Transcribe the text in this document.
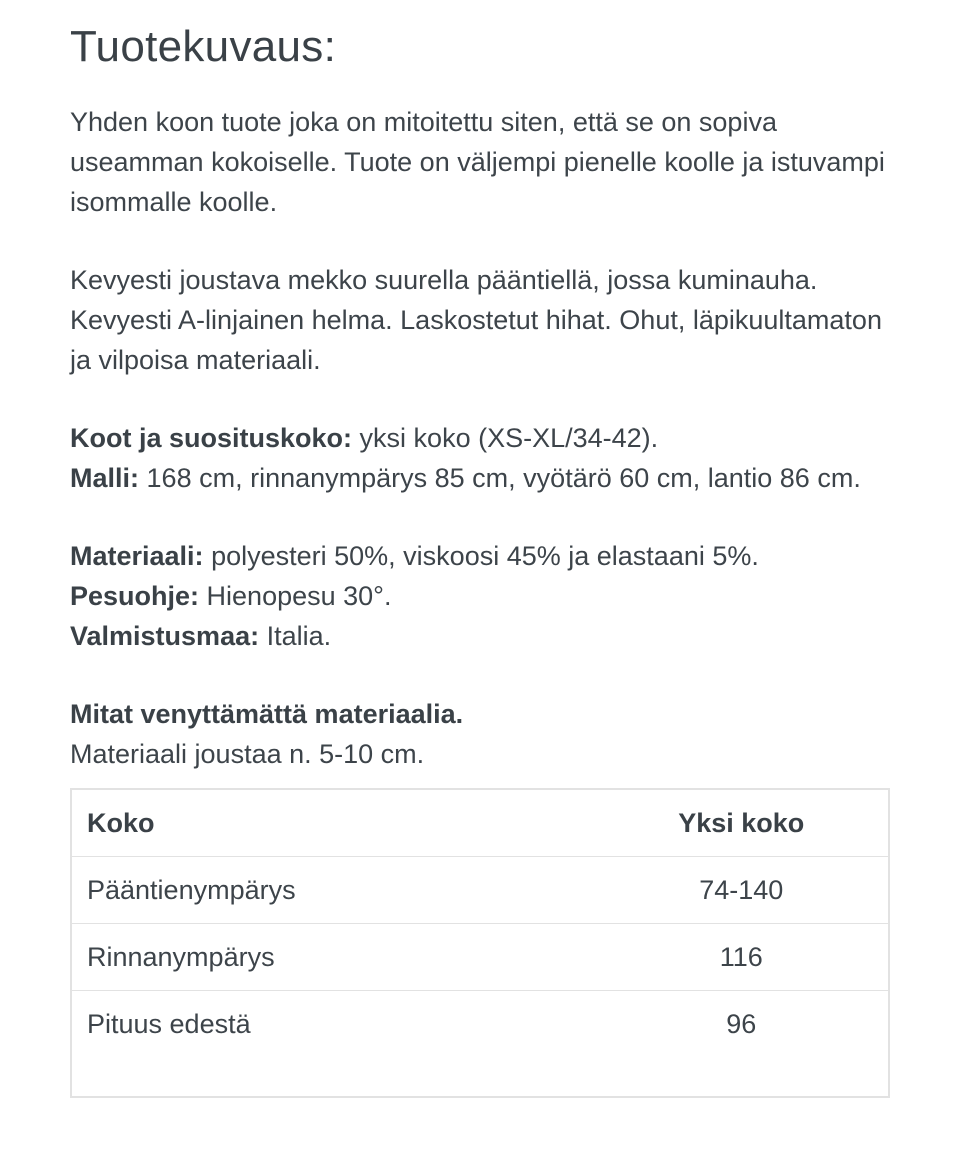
Tuotekuvaus:

Yhden koon tuote joka on mitoitettu siten, että se on sopiva useamman kokoiselle. Tuote on väljempi pienelle koolle ja istuvampi isommalle koolle.

Kevyesti joustava mekko suurella pääntiellä, jossa kuminauha. Kevyesti A-linjainen helma. Laskostetut hihat. Ohut, läpikuultamaton ja vilpoisa materiaali.

Koot ja suosituskoko: yksi koko (XS-XL/34-42).
Malli: 168 cm, rinnanympärys 85 cm, vyötärö 60 cm, lantio 86 cm.

Materiaali: polyesteri 50%, viskoosi 45% ja elastaani 5%.
Pesuohje: Hienopesu 30°.
Valmistusmaa: Italia.

Mitat venyttämättä materiaalia.
Materiaali joustaa n. 5-10 cm.

Koko	Yksi koko
Pääntienympärys	74-140
Rinnanympärys	116
Pituus edestä	96
